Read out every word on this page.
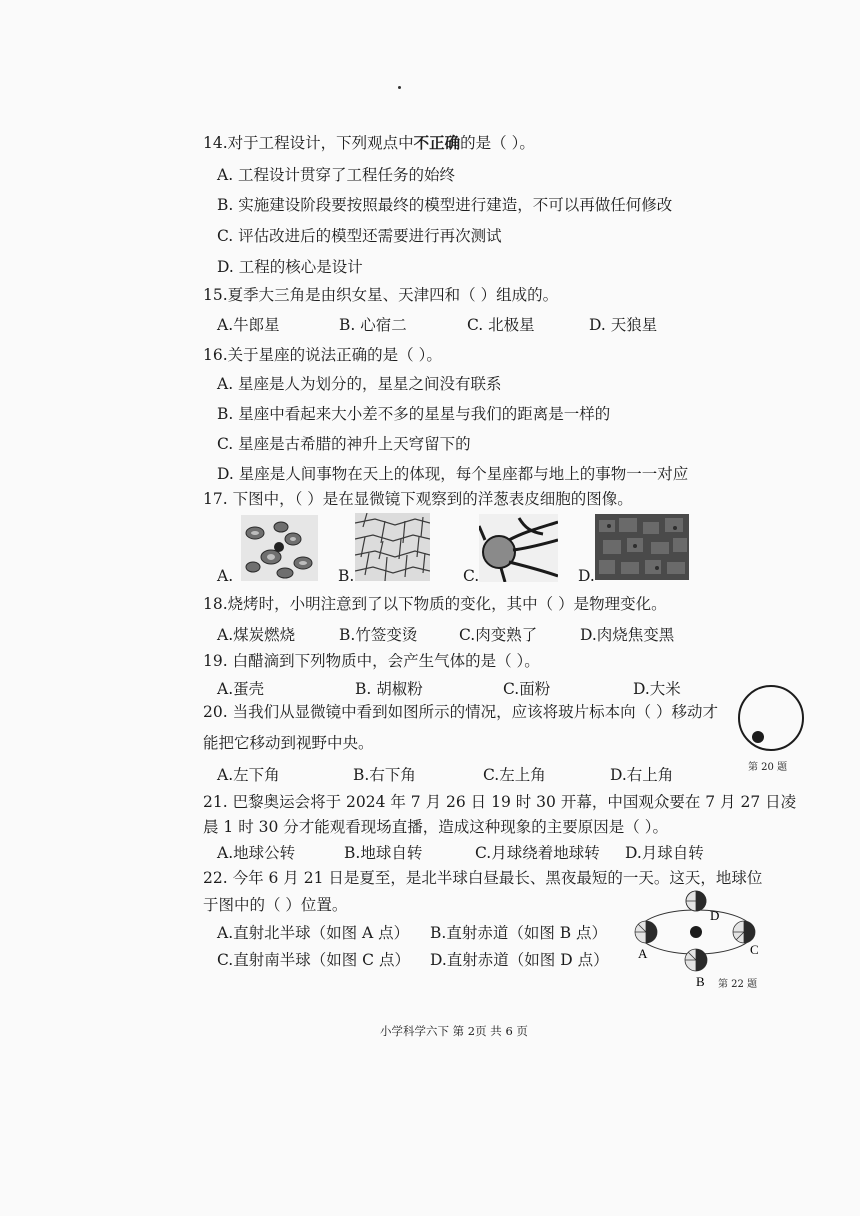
14.对于工程设计，下列观点中不正确的是（ ）。
A. 工程设计贯穿了工程任务的始终
B. 实施建设阶段要按照最终的模型进行建造，不可以再做任何修改
C. 评估改进后的模型还需要进行再次测试
D. 工程的核心是设计
15.夏季大三角是由织女星、天津四和（ ）组成的。
A.牛郎星	B. 心宿二	C. 北极星	D. 天狼星
16.关于星座的说法正确的是（ ）。
A. 星座是人为划分的，星星之间没有联系
B. 星座中看起来大小差不多的星星与我们的距离是一样的
C. 星座是古希腊的神升上天穹留下的
D. 星座是人间事物在天上的体现，每个星座都与地上的事物一一对应
17. 下图中，（ ）是在显微镜下观察到的洋葱表皮细胞的图像。
A.	B.	C.	D.
18.烧烤时，小明注意到了以下物质的变化，其中（ ）是物理变化。
A.煤炭燃烧	B.竹签变烫	C.肉变熟了	D.肉烧焦变黑
19. 白醋滴到下列物质中，会产生气体的是（ ）。
A.蛋壳	B. 胡椒粉	C.面粉	D.大米
20. 当我们从显微镜中看到如图所示的情况，应该将玻片标本向（ ）移动才
能把它移动到视野中央。
A.左下角	B.右下角	C.左上角	D.右上角	第 20 题
21. 巴黎奥运会将于 2024 年 7 月 26 日 19 时 30 开幕，中国观众要在 7 月 27 日凌
晨 1 时 30 分才能观看现场直播，造成这种现象的主要原因是（ ）。
A.地球公转	B.地球自转	C.月球绕着地球转 D.月球自转
22. 今年 6 月 21 日是夏至，是北半球白昼最长、黑夜最短的一天。这天，地球位
于图中的（ ）位置。
A.直射北半球（如图 A 点） B.直射赤道（如图 B 点）
C.直射南半球（如图 C 点） D.直射赤道（如图 D 点）
D
A	C
B 第 22 题
小学科学六下 第 2页 共 6 页
